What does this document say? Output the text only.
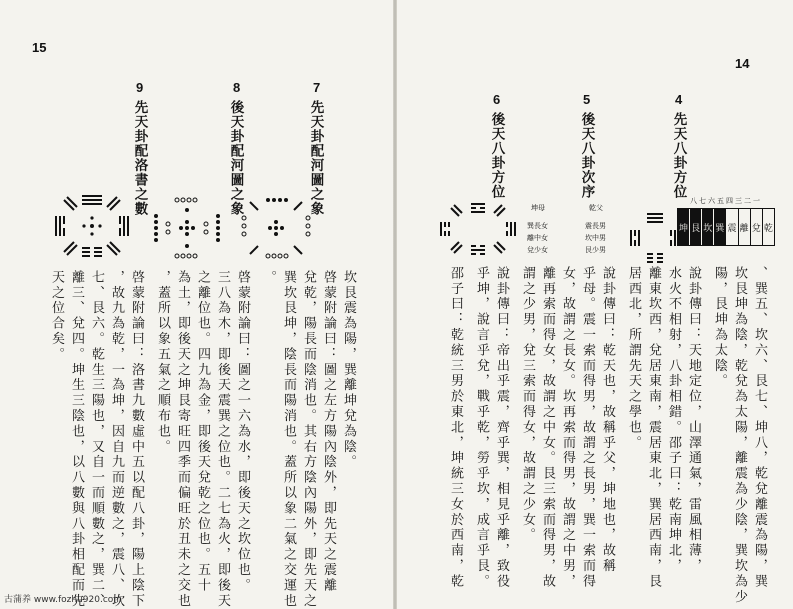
15
9
先天卦配洛書之數
8
後天卦配河圖之象
7
先天卦配河圖之象
坎艮震為陽，巽離坤兌為陰。
啓蒙附論曰：圖之左方陽內陰外，即先天之震離
兌乾，陽長而陰消也。其右方陰內陽外，即先天之
巽坎艮坤，陰長而陽消也。蓋所以象二氣之交運也
。
啓蒙附論曰：圖之一六為水，即後天之坎位也。
三八為木，即後天震巽之位也。二七為火，即後天
之離位也。四九為金，即後天兌乾之位也。五十
為土，即後天之坤艮寄旺四季而偏旺於丑未之交也
，蓋所以象五氣之順布也。
啓蒙附論曰：洛書九數虛中五以配八卦，陽上陰下
，故九為乾，一為坤，因自九而逆數之，震八、坎
七、艮六。乾生三陽也，又自一而順數之，巽二、
離三、兌四。坤生三陰也，以八數與八卦相配而先
天之位合矣。
古蒲养 www.fozhu920.com
14
6
後天八卦方位
5
後天八卦次序
4
先天八卦方位
坤母
巽長女
離中女
兌少女
乾父
震長男
坎中男
艮少男
八七六五四三二一
坤 艮 坎 巽 震 離 兌 乾
、巽五、坎六、艮七、坤八，乾兌離震為陽，巽
坎艮坤為陰，乾兌為太陽，離震為少陰，巽坎為少
陽，艮坤為太陰。
說卦傳曰：天地定位，山澤通氣，雷風相薄，
水火不相射，八卦相錯。邵子曰：乾南坤北，
離東坎西，兌居東南，震居東北，巽居西南，艮
居西北，所謂先天之學也。
說卦傳曰：乾天也，故稱乎父，坤地也，故稱
乎母。震一索而得男，故謂之長男，巽一索而得
女，故謂之長女。坎再索而得男，故謂之中男，
離再索而得女，故謂之中女。艮三索而得男，故
謂之少男，兌三索而得女，故謂之少女。
說卦傳曰：帝出乎震，齊乎巽，相見乎離，致役
乎坤，說言乎兌，戰乎乾，勞乎坎，成言乎艮。
邵子曰：乾統三男於東北，坤統三女於西南，乾
